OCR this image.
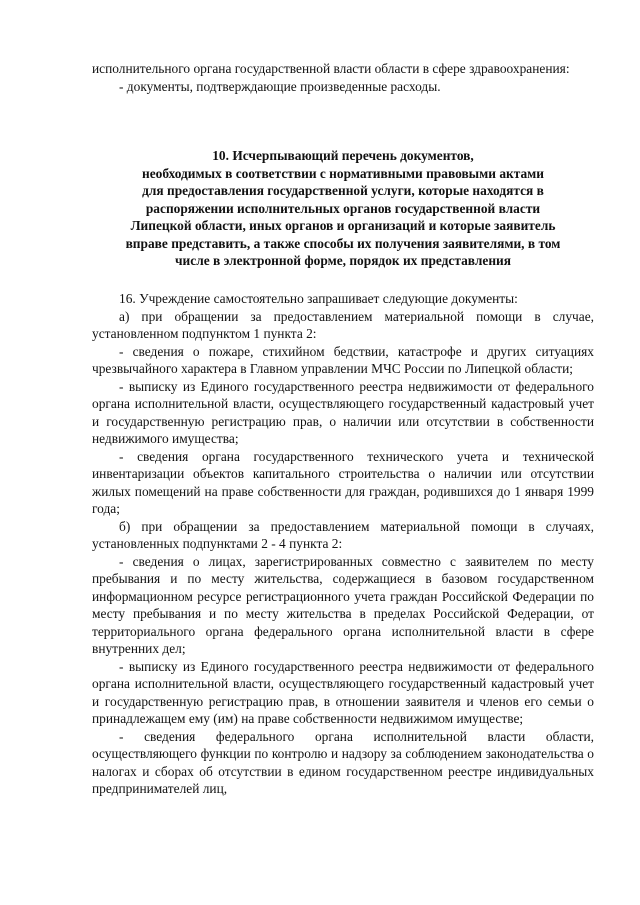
исполнительного органа государственной власти области в сфере здравоохранения:

- документы, подтверждающие произведенные расходы.

10. Исчерпывающий перечень документов,
необходимых в соответствии с нормативными правовыми актами
для предоставления государственной услуги, которые находятся в
распоряжении исполнительных органов государственной власти
Липецкой области, иных органов и организаций и которые заявитель
вправе представить, а также способы их получения заявителями, в том
числе в электронной форме, порядок их представления

16. Учреждение самостоятельно запрашивает следующие документы:

а) при обращении за предоставлением материальной помощи в случае, установленном подпунктом 1 пункта 2:

- сведения о пожаре, стихийном бедствии, катастрофе и других ситуациях чрезвычайного характера в Главном управлении МЧС России по Липецкой области;

- выписку из Единого государственного реестра недвижимости от федерального органа исполнительной власти, осуществляющего государственный кадастровый учет и государственную регистрацию прав, о наличии или отсутствии в собственности недвижимого имущества;

- сведения органа государственного технического учета и технической инвентаризации объектов капитального строительства о наличии или отсутствии жилых помещений на праве собственности для граждан, родившихся до 1 января 1999 года;

б) при обращении за предоставлением материальной помощи в случаях, установленных подпунктами 2 - 4 пункта 2:

- сведения о лицах, зарегистрированных совместно с заявителем по месту пребывания и по месту жительства, содержащиеся в базовом государственном информационном ресурсе регистрационного учета граждан Российской Федерации по месту пребывания и по месту жительства в пределах Российской Федерации, от территориального органа федерального органа исполнительной власти в сфере внутренних дел;

- выписку из Единого государственного реестра недвижимости от федерального органа исполнительной власти, осуществляющего государственный кадастровый учет и государственную регистрацию прав, в отношении заявителя и членов его семьи о принадлежащем ему (им) на праве собственности недвижимом имуществе;

- сведения федерального органа исполнительной власти области, осуществляющего функции по контролю и надзору за соблюдением законодательства о налогах и сборах об отсутствии в едином государственном реестре индивидуальных предпринимателей лиц,
